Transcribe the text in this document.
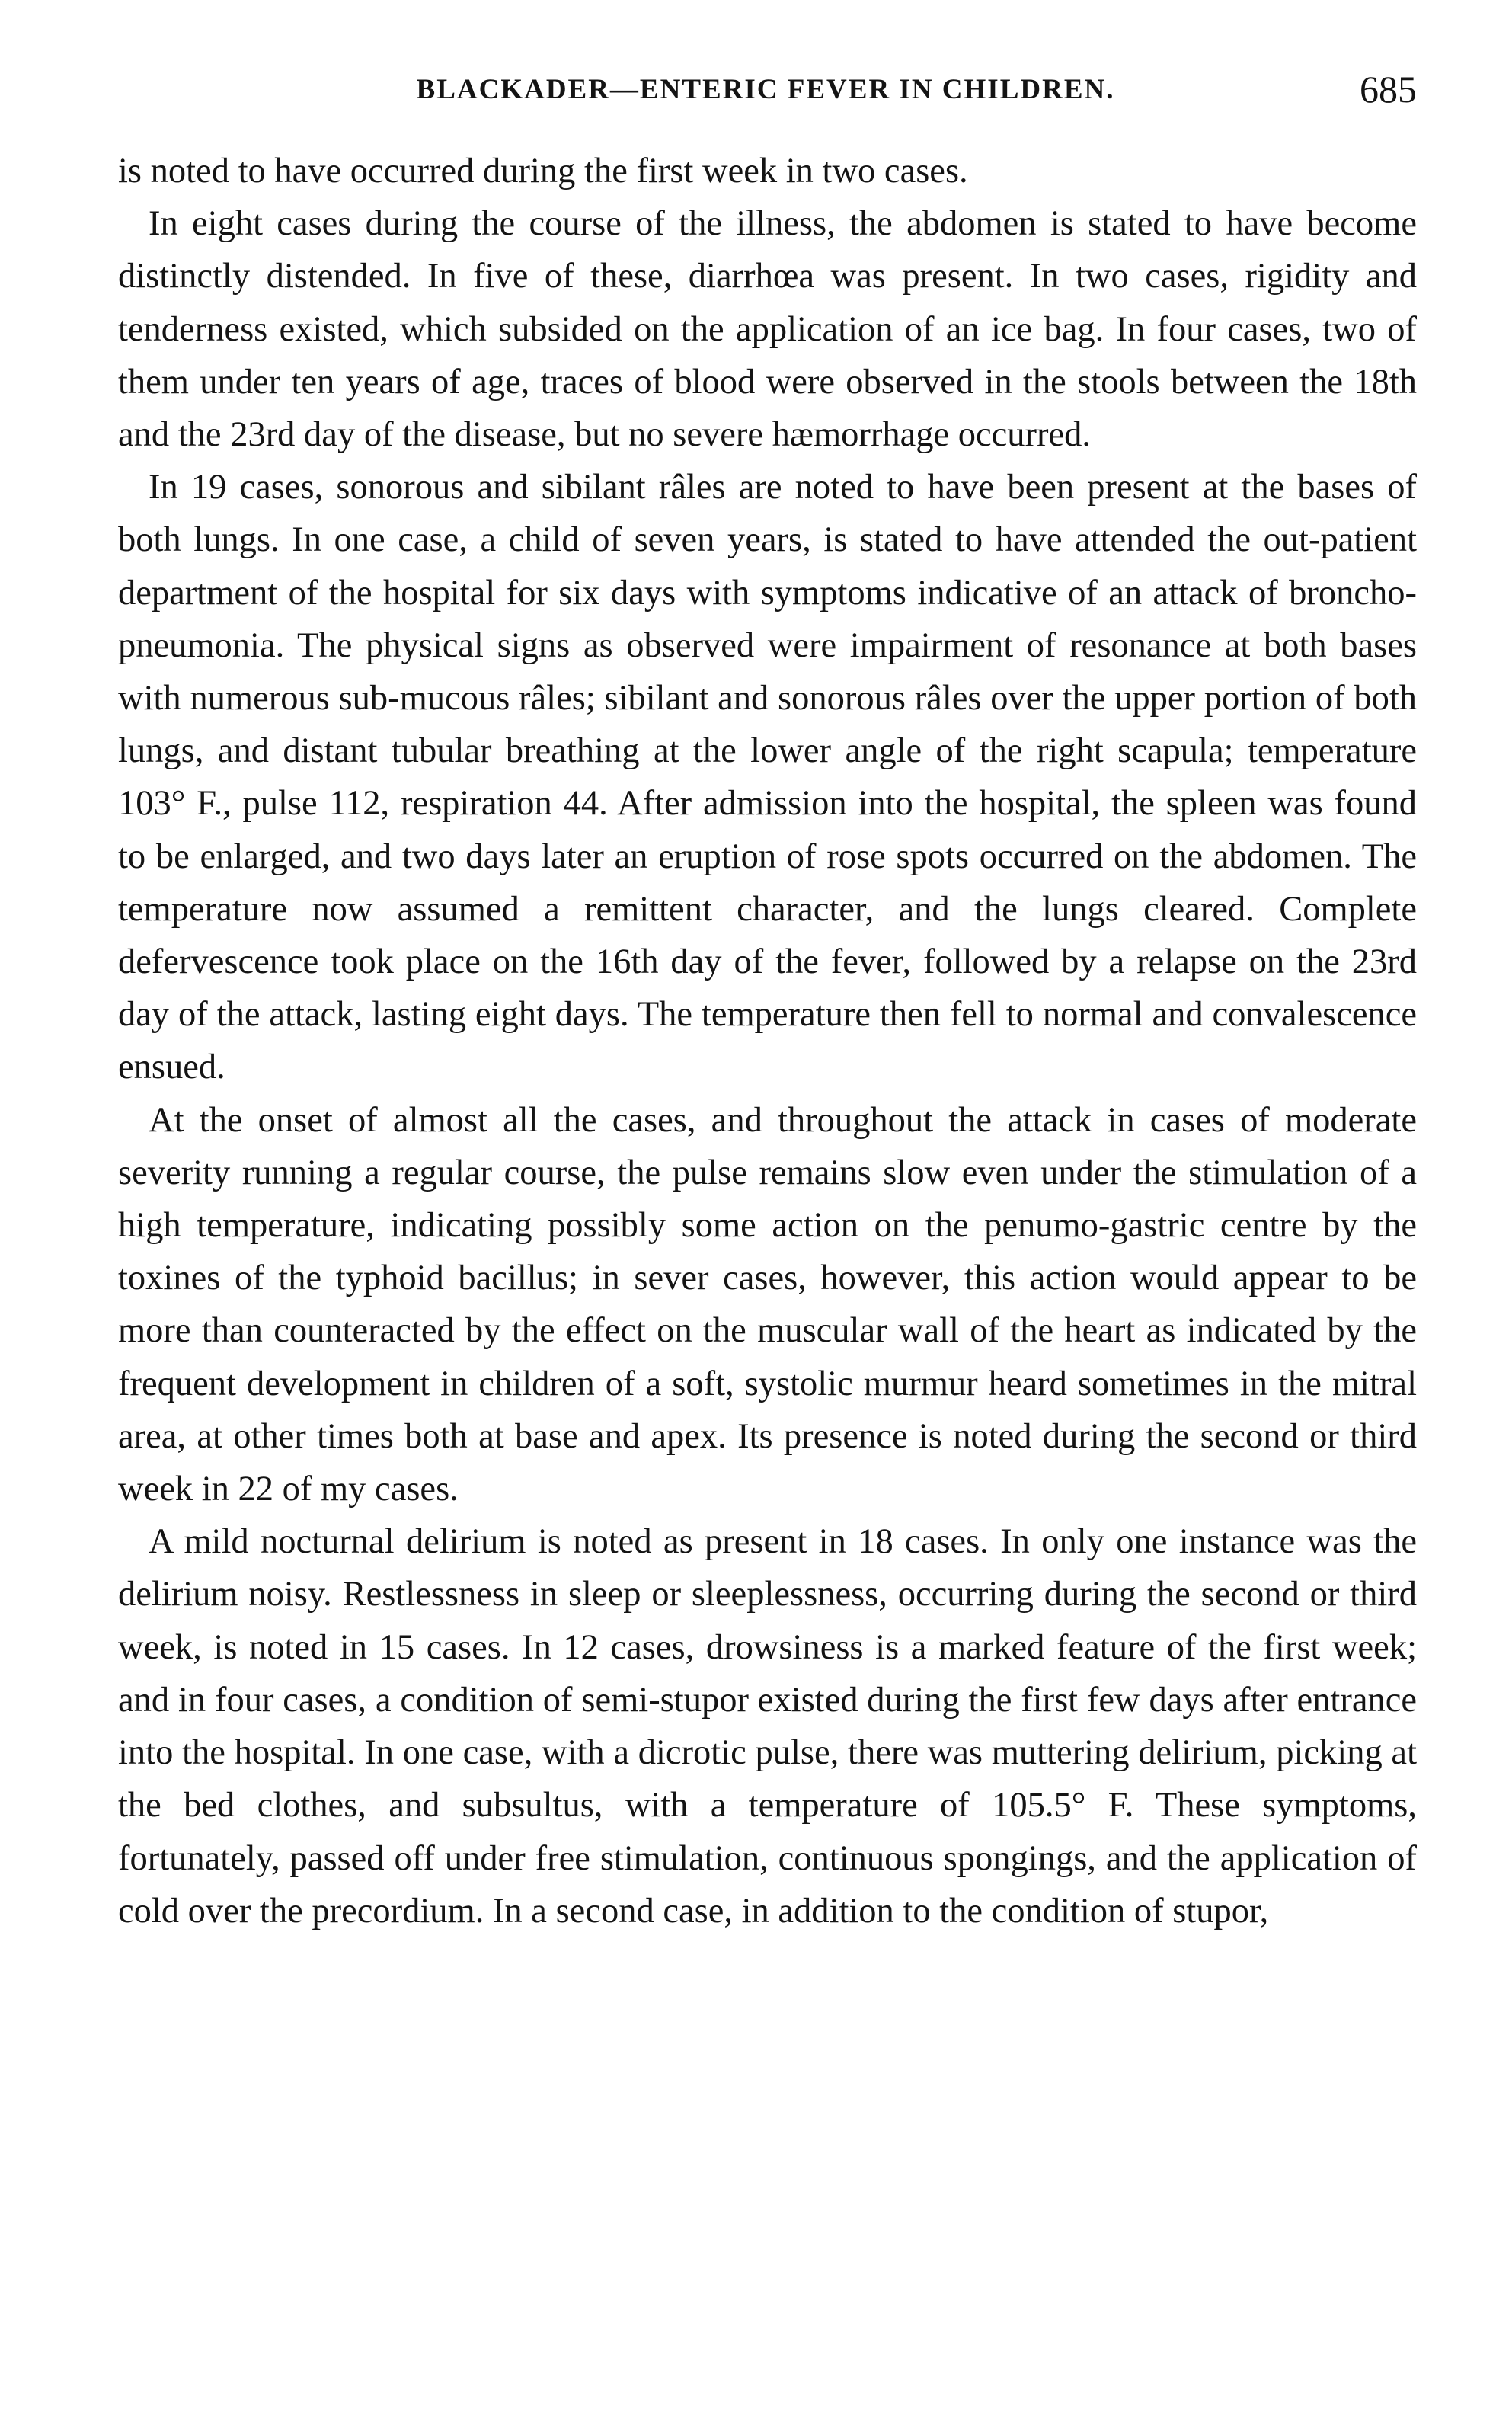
BLACKADER—ENTERIC FEVER IN CHILDREN.	685

is noted to have occurred during the first week in two cases.

In eight cases during the course of the illness, the abdomen is stated to have become distinctly distended. In five of these, diarrhœa was present. In two cases, rigidity and tenderness existed, which subsided on the application of an ice bag. In four cases, two of them under ten years of age, traces of blood were observed in the stools between the 18th and the 23rd day of the disease, but no severe hæmorrhage occurred.

In 19 cases, sonorous and sibilant râles are noted to have been present at the bases of both lungs. In one case, a child of seven years, is stated to have attended the out-patient department of the hospital for six days with symptoms indicative of an attack of broncho-pneumonia. The physical signs as observed were impairment of resonance at both bases with numerous sub-mucous râles; sibilant and sonorous râles over the upper portion of both lungs, and distant tubular breathing at the lower angle of the right scapula; temperature 103° F., pulse 112, respiration 44. After admission into the hospital, the spleen was found to be enlarged, and two days later an eruption of rose spots occurred on the abdomen. The temperature now assumed a remittent character, and the lungs cleared. Complete defervescence took place on the 16th day of the fever, followed by a relapse on the 23rd day of the attack, lasting eight days. The temperature then fell to normal and convalescence ensued.

At the onset of almost all the cases, and throughout the attack in cases of moderate severity running a regular course, the pulse remains slow even under the stimulation of a high temperature, indicating possibly some action on the penumo-gastric centre by the toxines of the typhoid bacillus; in sever cases, however, this action would appear to be more than counteracted by the effect on the muscular wall of the heart as indicated by the frequent development in children of a soft, systolic murmur heard sometimes in the mitral area, at other times both at base and apex. Its presence is noted during the second or third week in 22 of my cases.

A mild nocturnal delirium is noted as present in 18 cases. In only one instance was the delirium noisy. Restlessness in sleep or sleeplessness, occurring during the second or third week, is noted in 15 cases. In 12 cases, drowsiness is a marked feature of the first week; and in four cases, a condition of semi-stupor existed during the first few days after entrance into the hospital. In one case, with a dicrotic pulse, there was muttering delirium, picking at the bed clothes, and subsultus, with a temperature of 105.5° F. These symptoms, fortunately, passed off under free stimulation, continuous spongings, and the application of cold over the precordium. In a second case, in addition to the condition of stupor,
